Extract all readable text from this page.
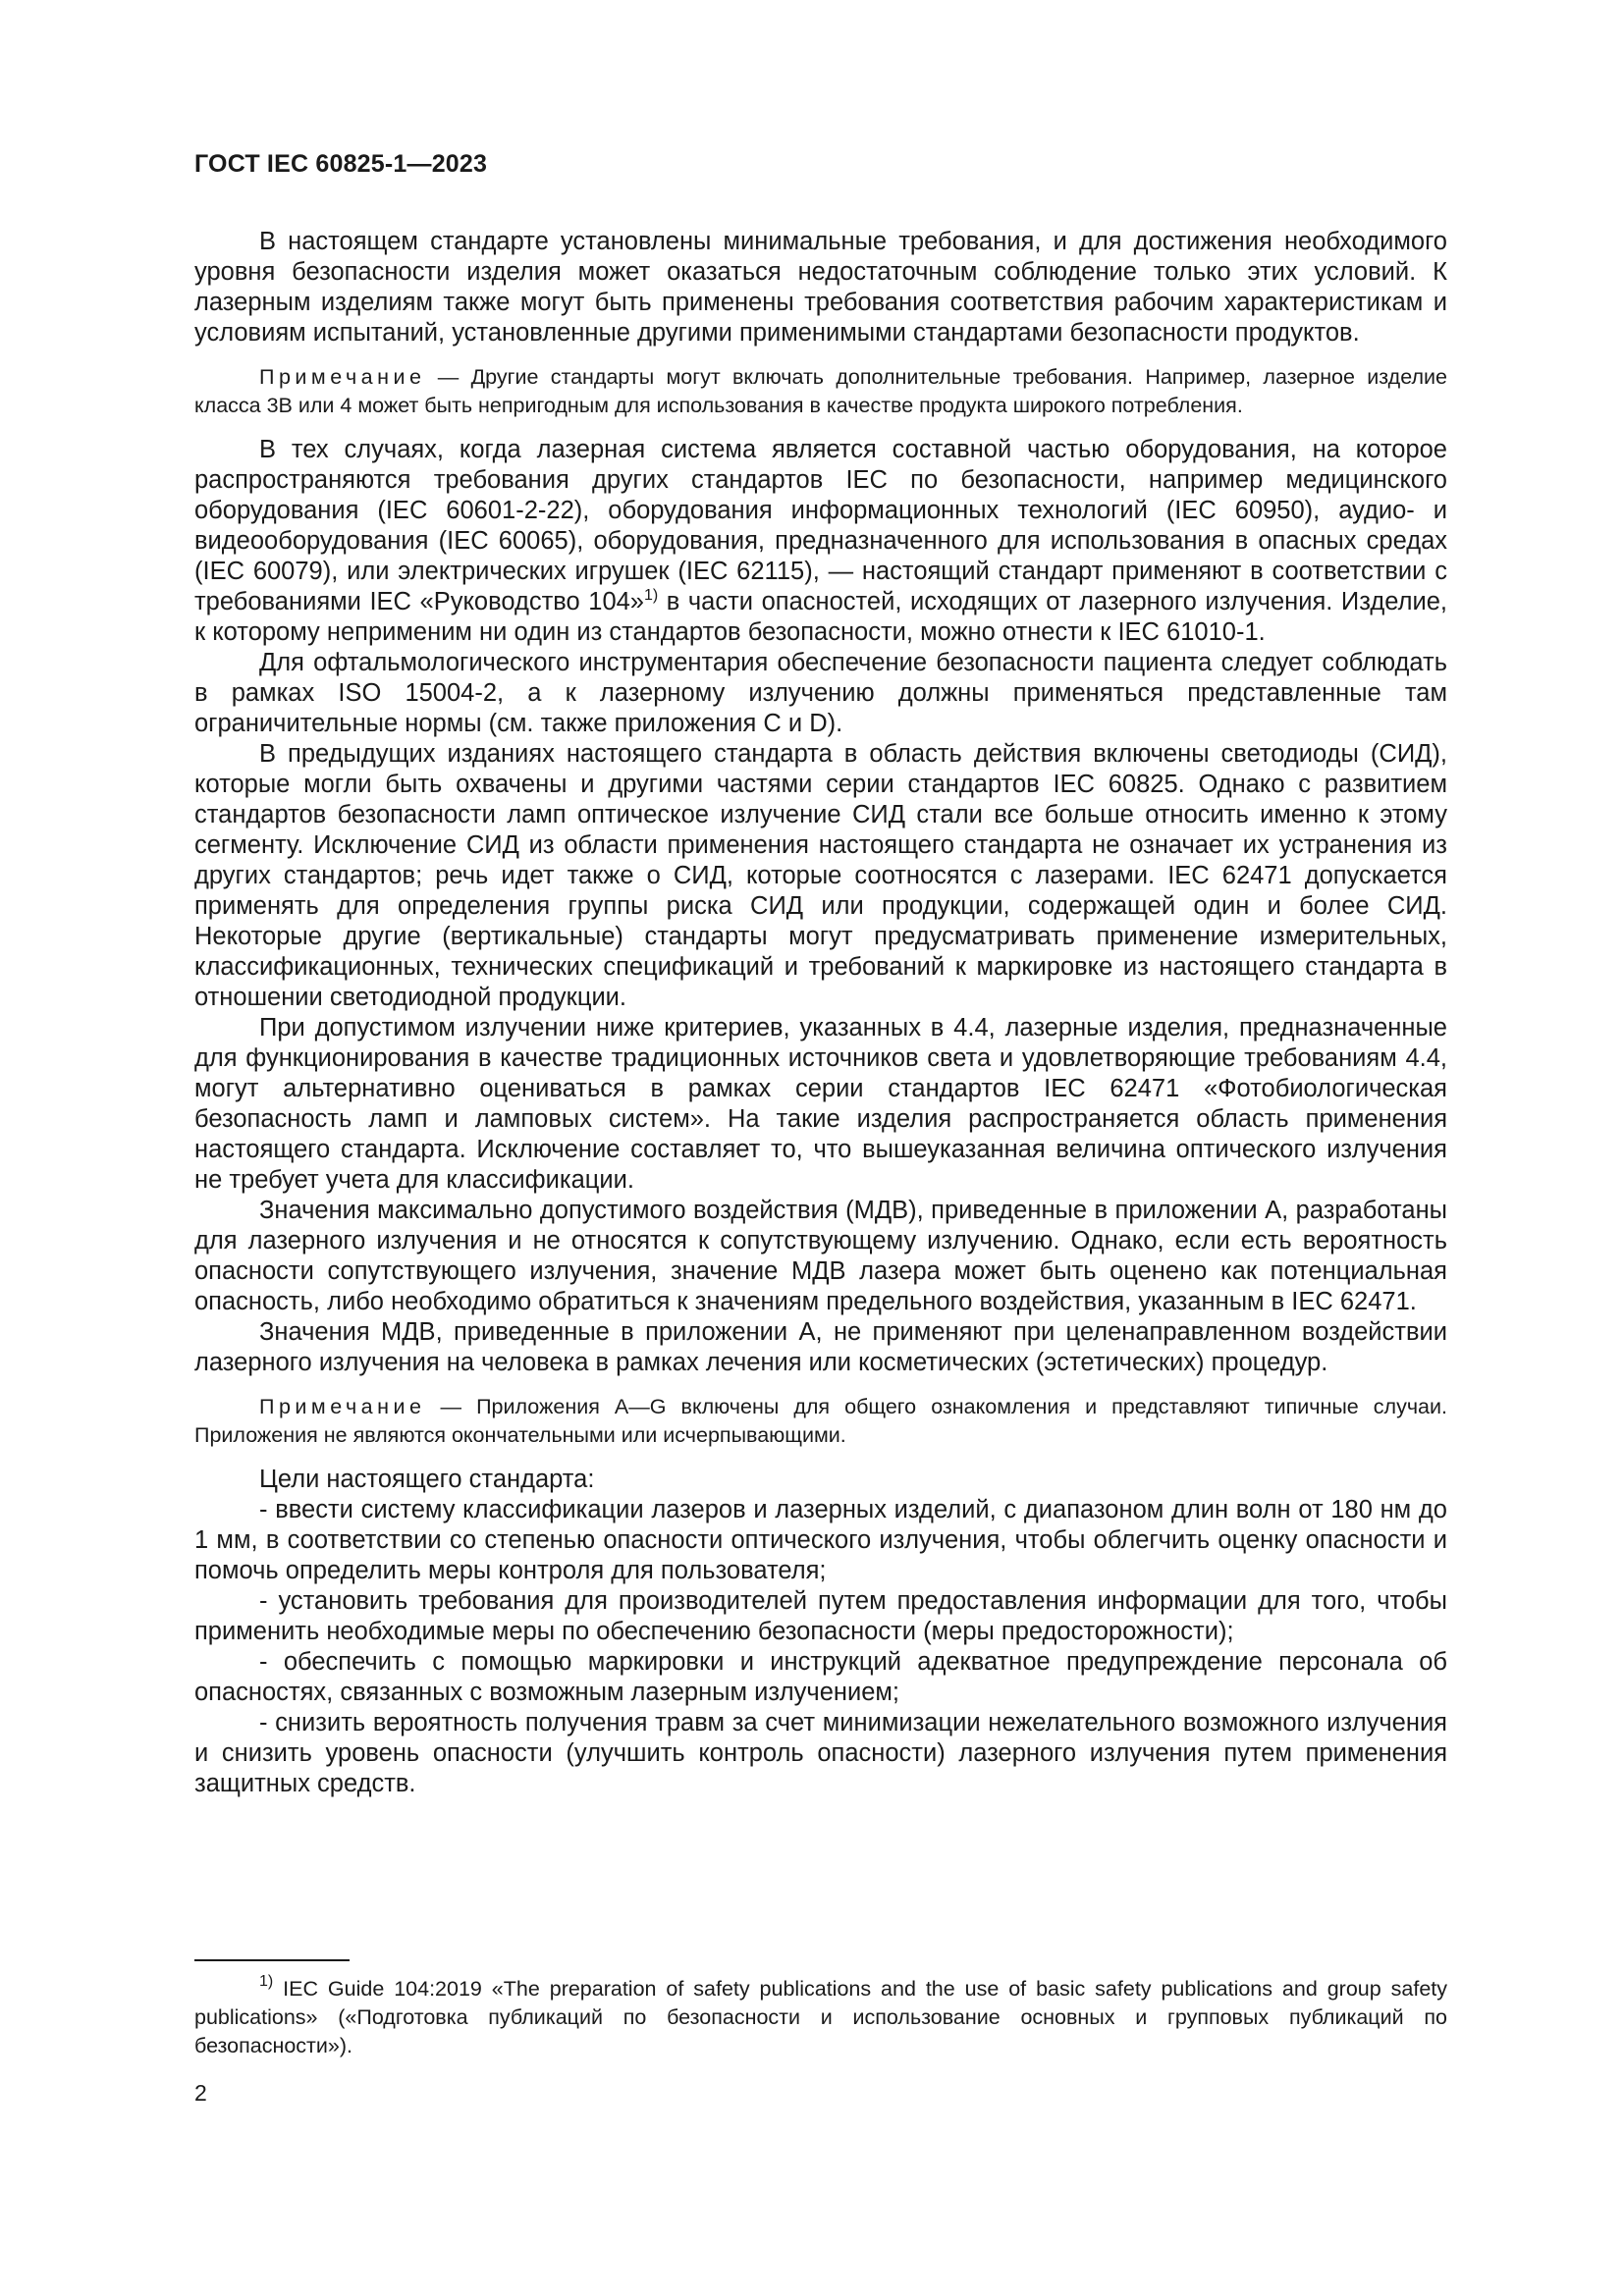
ГОСТ IEC 60825-1—2023

В настоящем стандарте установлены минимальные требования, и для достижения необходимого уровня безопасности изделия может оказаться недостаточным соблюдение только этих условий. К лазерным изделиям также могут быть применены требования соответствия рабочим характеристикам и условиям испытаний, установленные другими применимыми стандартами безопасности продуктов.

Примечание — Другие стандарты могут включать дополнительные требования. Например, лазерное изделие класса 3В или 4 может быть непригодным для использования в качестве продукта широкого потребления.

В тех случаях, когда лазерная система является составной частью оборудования, на которое распространяются требования других стандартов IEC по безопасности, например медицинского оборудования (IEC 60601-2-22), оборудования информационных технологий (IEC 60950), аудио- и видеооборудования (IEC 60065), оборудования, предназначенного для использования в опасных средах (IEC 60079), или электрических игрушек (IEC 62115), — настоящий стандарт применяют в соответствии с требованиями IEC «Руководство 104»$^{1)}$ в части опасностей, исходящих от лазерного излучения. Изделие, к которому неприменим ни один из стандартов безопасности, можно отнести к IEC 61010-1.

Для офтальмологического инструментария обеспечение безопасности пациента следует соблюдать в рамках ISO 15004-2, а к лазерному излучению должны применяться представленные там ограничительные нормы (см. также приложения С и D).

В предыдущих изданиях настоящего стандарта в область действия включены светодиоды (СИД), которые могли быть охвачены и другими частями серии стандартов IEC 60825. Однако с развитием стандартов безопасности ламп оптическое излучение СИД стали все больше относить именно к этому сегменту. Исключение СИД из области применения настоящего стандарта не означает их устранения из других стандартов; речь идет также о СИД, которые соотносятся с лазерами. IEC 62471 допускается применять для определения группы риска СИД или продукции, содержащей один и более СИД. Некоторые другие (вертикальные) стандарты могут предусматривать применение измерительных, классификационных, технических спецификаций и требований к маркировке из настоящего стандарта в отношении светодиодной продукции.

При допустимом излучении ниже критериев, указанных в 4.4, лазерные изделия, предназначенные для функционирования в качестве традиционных источников света и удовлетворяющие требованиям 4.4, могут альтернативно оцениваться в рамках серии стандартов IEC 62471 «Фотобиологическая безопасность ламп и ламповых систем». На такие изделия распространяется область применения настоящего стандарта. Исключение составляет то, что вышеуказанная величина оптического излучения не требует учета для классификации.

Значения максимально допустимого воздействия (МДВ), приведенные в приложении А, разработаны для лазерного излучения и не относятся к сопутствующему излучению. Однако, если есть вероятность опасности сопутствующего излучения, значение МДВ лазера может быть оценено как потенциальная опасность, либо необходимо обратиться к значениям предельного воздействия, указанным в IEC 62471.

Значения МДВ, приведенные в приложении А, не применяют при целенаправленном воздействии лазерного излучения на человека в рамках лечения или косметических (эстетических) процедур.

Примечание — Приложения А—G включены для общего ознакомления и представляют типичные случаи. Приложения не являются окончательными или исчерпывающими.

Цели настоящего стандарта:

- ввести систему классификации лазеров и лазерных изделий, с диапазоном длин волн от 180 нм до 1 мм, в соответствии со степенью опасности оптического излучения, чтобы облегчить оценку опасности и помочь определить меры контроля для пользователя;

- установить требования для производителей путем предоставления информации для того, чтобы применить необходимые меры по обеспечению безопасности (меры предосторожности);

- обеспечить с помощью маркировки и инструкций адекватное предупреждение персонала об опасностях, связанных с возможным лазерным излучением;

- снизить вероятность получения травм за счет минимизации нежелательного возможного излучения и снизить уровень опасности (улучшить контроль опасности) лазерного излучения путем применения защитных средств.

$^{1)}$ IEC Guide 104:2019 «The preparation of safety publications and the use of basic safety publications and group safety publications» («Подготовка публикаций по безопасности и использование основных и групповых публикаций по безопасности»).

2
